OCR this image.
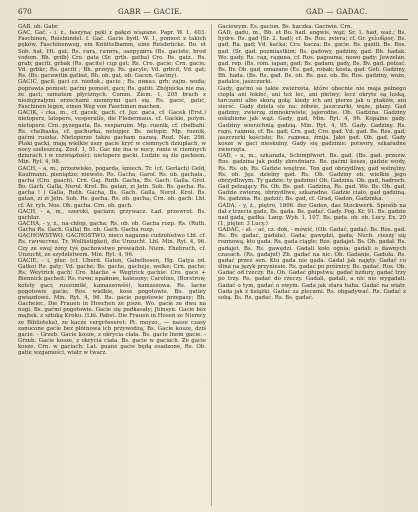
670	GABR — GACIE.	GAD — GADAC.

GAB. ob. Gabr.

GAC, Gać. - i. ż., faszyna; pęki z gałęzi wiązane. Papr. W. 1, 403. Faschinen, Reisbündel. f. Gać. Gacie bydl. W. 1, pomost z takich pęków, Faschinenweg, ein Knüttelbamm, eine Reisbrücke. Bo. et Sob. hat. Ht. gat; Rs. гать, гатить, запрудить (Bs. gaciste, brod vodom. Bh. grdb) Cro. gata (Sr. grtb. gatba) Cro. Rs. gatz.. Rs. grab; gaciti, grbak (Rs. gacite) cup gat; Rs. Cro. gacie; Crn. gacie; Vd. grbkc; Rs. gaciti ; Bh. przeyp. Rs. gacyle; Vd. grbcit, Vd. gat; Rs. (Bs. gacuwitin gatbat, Bh. ob. gat, ob. Gacen. Gaciny).

GACIĆ, gacił, gaci cz. niedok.; gacie ; Rs. пиказ. grb; zajm. woda; poprawia pomost: gaćmi pomost, gaci; Rs. gatiti. Zbójnicka nie ma, że gaci; szmatem płyciznych. Comm. Ziem. 1, 205 brach z niedojrzałymi orzechami ziemnymi gaci się. Rs. gacić, gatić, Faschinen legen, einen Weg von Faschinen machen.

GACIK, - cka, m., cf. gacek, gach. cf. Jęz. gaca, cf. Gacek (Erst.) nietoperz, latopers, vesperuilo, die Fledermaus. cf. Gackie, polym. nietoperz. Crn. pyzegasta, Bs. vesparuim. Mp. ruenik, cf. chełbahi. Rs. chelbaska, cf. gachurka, netopjer. Bs. netopir. Mp. ruenik, gaćmi ruszka. Nietoperze także gacham nazwą. Rozl. Nar. 298. Ptaki gacki, mają wielkie uszy gacie kryć w ciemnych dziuplach, w nocy szeleszczą. Zool. 1, 51. Gac nie ma w nocy, ranie w ciemnych dziurach i w rozwiązłości: nietoperz gacki. Ludzie są źle gackiem. Min. Ryt. 4, 98.

GACH, - a, m., przezwisko, pogarda, śmiech. Tr. (cf. Gerlach) Geld, Kaufmann. pieniądze; niewsto. Rs. Gacha, Garol. Rs. ob. gachala., gacha (Cro. gaach). Crn. Gaj. Ruth. Gacha, Bs. Gach. Galla. Grol. Bo. Gach. Galla, Nerol. Krol. Bs. gatan, zi Jetn. Sob. Rs. gacha. Rs. gacha ! ( Galla, Ruth. Gacha, Bs. Gach. Galla, Nerol. Krol. Bs. gatan, zi zi Jetn. Sob. Rs. gacha. Rs. ob. gacha; Crn. ob. gach: Lbl. cf. Ar. ryb. Nos. Ob. gacha. Crn. ob. gach.

GACH, - a, m., szeroki, gaciarz; grzywacz. Ład. przewrot. Bs. gachlar.

GACHA, - y, ż., na-chłop, gacha; Rs. ob. ob. Gacha rozp. Rs. (Ruth. Gacha Rs. Gach. Galla) Bs. ob. Gach. Gacha rozp.

GACHOWSTWO, GACHOSTWO, nieco naganne cudzołóstwo Lbl. cf. Rs. гаччество. Tr. Wollüstigkeit, die Unzucht. Lbl. Min. Ryt. 4, 96. Czy ze swej żony tyś gachowstwo prowadził. Niem. Ehebruch, cf. Unzucht, ze szydełstwem. Min. Ryt. 4, 96.

GACIE, - i, plur. (cf. Uberd. Gaten, Gabelhosen, Hg. Gatya od. Gatko) Rs. gaty; Vd. gache; Bs. gache, gacheje, welke; Crn. gache; Rs. Weytrick gach; Cro. hlache + Wegtrick gachie; Cro. gace + Biennick gacheit; Rs. гачи; крайние, kalesony; Caroline, (Borstrow, kotsty gaci; ruszomiłé, kamaszowéé), kamaszowa. Rs. lacne pogotowie gacie; Ros. wielkie, kose pogotowie. Bo. gatiey gwiazdowé. Min. Ryt. 4, 96. Bs. gacie pogotowie przepasy; Bh. Gacheiec, Die Frauen in Hoschen ze pisze. Wo. gacie ze dwa na nogi. Bs. gaćmi pogotowie. Gacie się podkasały; Jhlnsyn. Gacie bez majtek. z sztuką Kroku. (Lbl. Pabst. Die Frauen in Hosen ze Niemcy ze Biblioteka), ze kacze vergrösseret: Pt. moyzo,, — nasze czasy zanucone gacie bez płótnowa ich przywodzą, Bs. Gacie kosze, dziś gacie. - Grzeb. Gacie kosze, z okrycia ciała. Bs. gacie lnem gacie. - Grzeb. Gacie kosze, z okrycia ciała. Bs. gacie w gaciach. Ze gacie kosze. Crn. w gaciach: Lat. guane gacie będą osadzone, Rs. Ob. gatie wzgamości, wiatr w twarz.

Gaciowym. Es. gacion. Bs. haczka. Gaciwie. Crn.

GAD, gadu, m., Bh. et Bo. had. angwis, wąż; Sr. 1. had, waż.; Bs. hydre. Rs. gad (Sr. 2. had); cf. Bs. Ros. zviera; cf. Gr. χελυδρος. Bs. gad, Ra. gad; Vd. kaćka; Cro. kacza; Bs. gacie. Rs. gaziti. Bs. Ros. gad. (Sr. gad. pozmiastkim; Bs. gadowy, gadziny, gad. Bh. hadak. Wo. gady. Rs. гад, гадина, cf. Ros. pagouma, nowo gady: Jewzelan. gad. rep. (Bs. rom. iapan; gad; Bs. gadam; gady, Bs. Bv. gad. pełzać. Bs. Bv. Ob. gad, omazane (Es. gad, robak; kosta, gad. Geh. Gadziny, Bh. hada. (Bs. Rs. gad. Bs. ob. Rs. gaz. ob. Bs. Ros. gadziny, weże, padalce, jaszczurki.

Gady, gaćmi sa takie zwierzeta, które obecnie nie maja pełnego ciepła ani łokieć, ani też lec, ani płetwy; lecz okryte są łuską, tarczami albo skórą gołą: kiedy ich ani pierze jak u ptaków, ani sierść. Gady dziela sie na: żółwie, jaszczurki, węże, płazy. Gad gadziny, zwierzę zimnokrwiste, jajorodne. Ob. Gadzina. Gadziny oskubione jak wąż. Gady, gad, Min. Ryt. 4, 96. Kopalne gady. Gadziny wierzchnią gadzią. Min. Ryt. 4, 95. Gady. Gadziny. Rs. гадъ, гадина, cf. Bs. gad; Crn. gad; Cro. gad. Vd. gad. Bs. Ros. gad; jaszczurki kościste; Rs. гадюка, żmija. Jako gad. Ob. gad. Gady kosze w gaci nieskulny. Gady się gadzinie; potwory, szkaradne zwierzęta.

GAD, - u, m., szkarada, Schimpfwort. Bs. gad. (Bo. gad. przezw. Ros. gadzina jak podły zbrodniarz. Bo. gaćmi kosze, gadzie wody, Rs. Rs. ob. Rs. Gadzie wnętrze. Ten gad obrzydliwy, gad wstrętny. Rs. ob. Jęz. dzielny gad. Rs. Ob. Gadziny ob. wielkie jego obrzydliwym. Ty gadzie; ty gadzino! Ob. Gadzina. Ob. gad, hadroch. Gad pełzający. Rs. Ob. Bs. gad. Gadzina, Rs. gad. Wo. Bs. Ob. gad. Gadzie zwierzę, obrzydliwe, szkaradne. Gadzie ciało, gad gadziną. Rs. gadzina. Rs. gadzić; Bs. gad, cf. Grad, Gadon, Gadzinka.

GADA, - y, ż., piętro, 1806. der Gaden, das Stockwerk. Sposób na dał z trzecia gadz. Bs. gada. Bs. gadać. Gady. Pog. Kr. 91. Bs. gadzie nad gadą, gadka. Lang. Wyb. 1, 107. Bs. gada. ob. ob. Lucy. Ex. 20 (1, pięter. 3 Lucy.)

GADAĆ, - at. - ać, cz. dok, - mówić, (Ob. Gadać, gadać. Bs. Ros. gad. Rs. Bv. gadać, gaduła). Gada; gawędzi, gada; Nuch. cieszy się rozmową, kto gada. Rs. gada ciągle; Ros. gadajet. Bs. Ob. gadał. Rs. gadajet. Bs. Rs. gawędzi. Gadali koło ognia; gadali o dawnych czasach. (Rs. gadajut) Zb. gadać na nic. Ob. Gadanie, Gaduła. Rs. gadać przez sen. Kto gada nie gada. Gadał jak najęty. Gadać co ślina na język przyniesie. Rs. gadać po próżnicy. Bs. gadać. Ros. Ob. Gadać od rzeczy. Rs. Ob. Gadać głupstwa; gadać bzdury, gadać trzy po trzy. Rs. gadać do rzeczy. Gadali, gadali, a nic nie wygadali. Gadać o tym, gadać o owym. Gada jak stara baba. Gadać na wiatr. Gada jak z książki. Gadać za plecami. Rs. obgadywać. Rs. Gadać z sobą. Bs. Rs. gadać. Rs. Bs. gadać.
